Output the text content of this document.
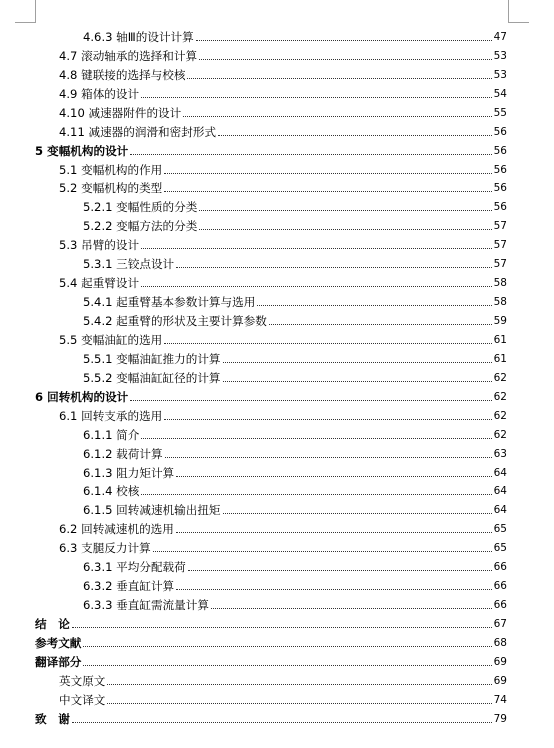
4.6.3 轴Ⅲ的设计计算	47
4.7 滚动轴承的选择和计算	53
4.8 键联接的选择与校核	53
4.9 箱体的设计	54
4.10 减速器附件的设计	55
4.11 减速器的润滑和密封形式	56
5 变幅机构的设计	56
5.1 变幅机构的作用	56
5.2 变幅机构的类型	56
5.2.1 变幅性质的分类	56
5.2.2 变幅方法的分类	57
5.3 吊臂的设计	57
5.3.1 三铰点设计	57
5.4 起重臂设计	58
5.4.1 起重臂基本参数计算与选用	58
5.4.2 起重臂的形状及主要计算参数	59
5.5 变幅油缸的选用	61
5.5.1 变幅油缸推力的计算	61
5.5.2 变幅油缸缸径的计算	62
6 回转机构的设计	62
6.1 回转支承的选用	62
6.1.1 简介	62
6.1.2 载荷计算	63
6.1.3 阻力矩计算	64
6.1.4 校核	64
6.1.5 回转减速机输出扭矩	64
6.2 回转减速机的选用	65
6.3 支腿反力计算	65
6.3.1 平均分配载荷	66
6.3.2 垂直缸计算	66
6.3.3 垂直缸需流量计算	66
结　论	67
参考文献	68
翻译部分	69
英文原文	69
中文译文	74
致　谢	79
